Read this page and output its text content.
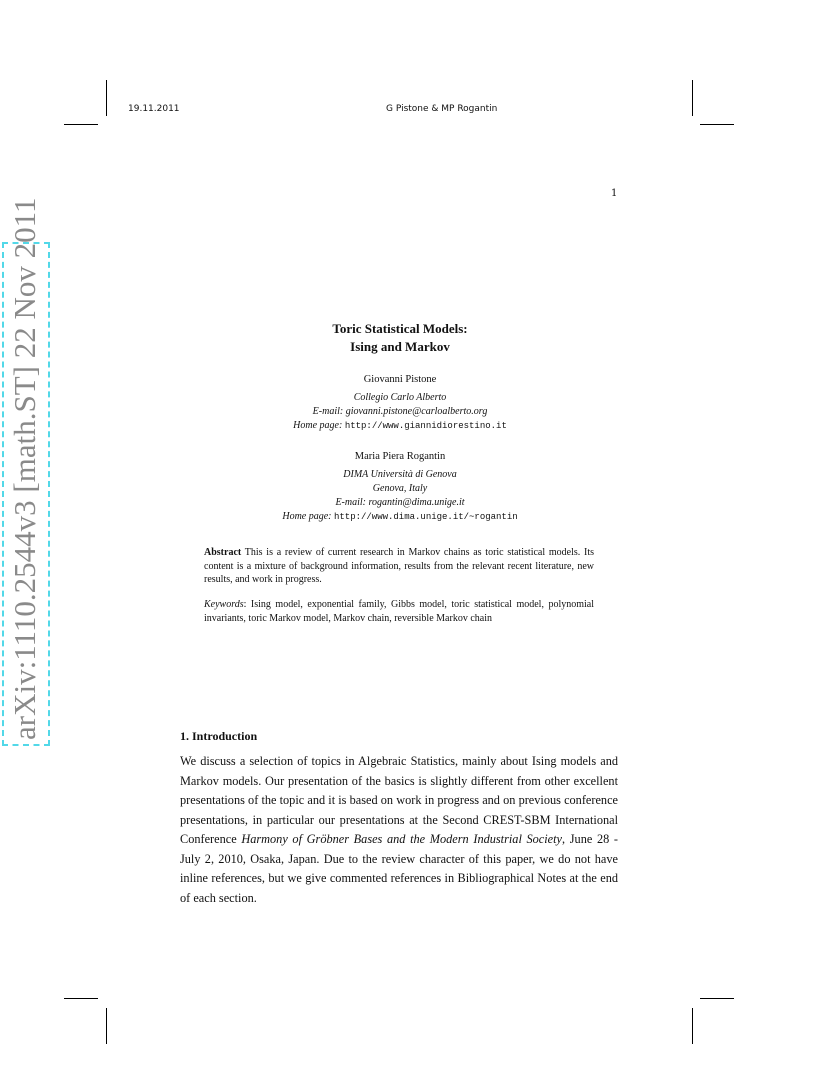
19.11.2011	G Pistone & MP Rogantin
1
arXiv:1110.2544v3 [math.ST] 22 Nov 2011	Toric Statistical Models:
Ising and Markov
Giovanni Pistone
Collegio Carlo Alberto
E-mail: giovanni.pistone@carloalberto.org
Home page: http://www.giannidiorestino.it
Maria Piera Rogantin
DIMA Università di Genova
Genova, Italy
E-mail: rogantin@dima.unige.it
Home page: http://www.dima.unige.it/~rogantin
Abstract This is a review of current research in Markov chains as toric statistical models. Its content is a mixture of background information, results from the relevant recent literature, new results, and work in progress.
Keywords: Ising model, exponential family, Gibbs model, toric statistical model, polynomial invariants, toric Markov model, Markov chain, reversible Markov chain
1. Introduction
We discuss a selection of topics in Algebraic Statistics, mainly about Ising models and Markov models. Our presentation of the basics is slightly different from other excellent presentations of the topic and it is based on work in progress and on previous conference presentations, in particular our presentations at the Second CREST-SBM International Conference Harmony of Gröbner Bases and the Modern Industrial Society, June 28 - July 2, 2010, Osaka, Japan. Due to the review character of this paper, we do not have inline references, but we give commented references in Bibliographical Notes at the end of each section.
